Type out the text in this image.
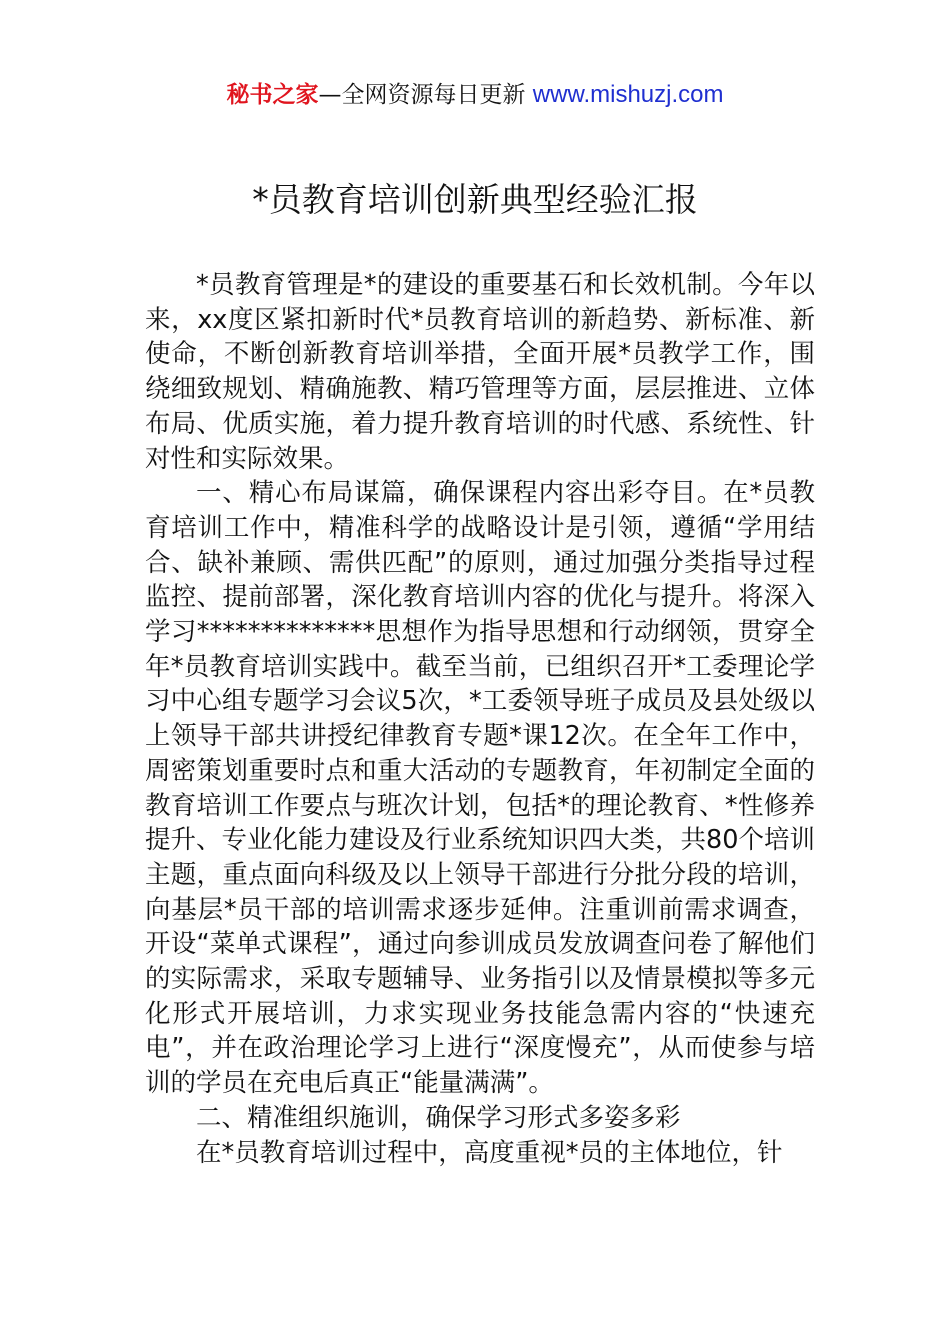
秘书之家—全网资源每日更新 www.mishuzj.com
*员教育培训创新典型经验汇报

*员教育管理是*的建设的重要基石和长效机制。今年以来，xx度区紧扣新时代*员教育培训的新趋势、新标准、新使命，不断创新教育培训举措，全面开展*员教学工作，围绕细致规划、精确施教、精巧管理等方面，层层推进、立体布局、优质实施，着力提升教育培训的时代感、系统性、针对性和实际效果。

一、精心布局谋篇，确保课程内容出彩夺目。在*员教育培训工作中，精准科学的战略设计是引领，遵循“学用结合、缺补兼顾、需供匹配”的原则，通过加强分类指导过程监控、提前部署，深化教育培训内容的优化与提升。将深入学习**************思想作为指导思想和行动纲领，贯穿全年*员教育培训实践中。截至当前，已组织召开*工委理论学习中心组专题学习会议5次，*工委领导班子成员及县处级以上领导干部共讲授纪律教育专题*课12次。在全年工作中，周密策划重要时点和重大活动的专题教育，年初制定全面的教育培训工作要点与班次计划，包括*的理论教育、*性修养提升、专业化能力建设及行业系统知识四大类，共80个培训主题，重点面向科级及以上领导干部进行分批分段的培训，向基层*员干部的培训需求逐步延伸。注重训前需求调查，开设“菜单式课程”，通过向参训成员发放调查问卷了解他们的实际需求，采取专题辅导、业务指引以及情景模拟等多元化形式开展培训，力求实现业务技能急需内容的“快速充电”，并在政治理论学习上进行“深度慢充”，从而使参与培训的学员在充电后真正“能量满满”。

二、精准组织施训，确保学习形式多姿多彩

在*员教育培训过程中，高度重视*员的主体地位，针
